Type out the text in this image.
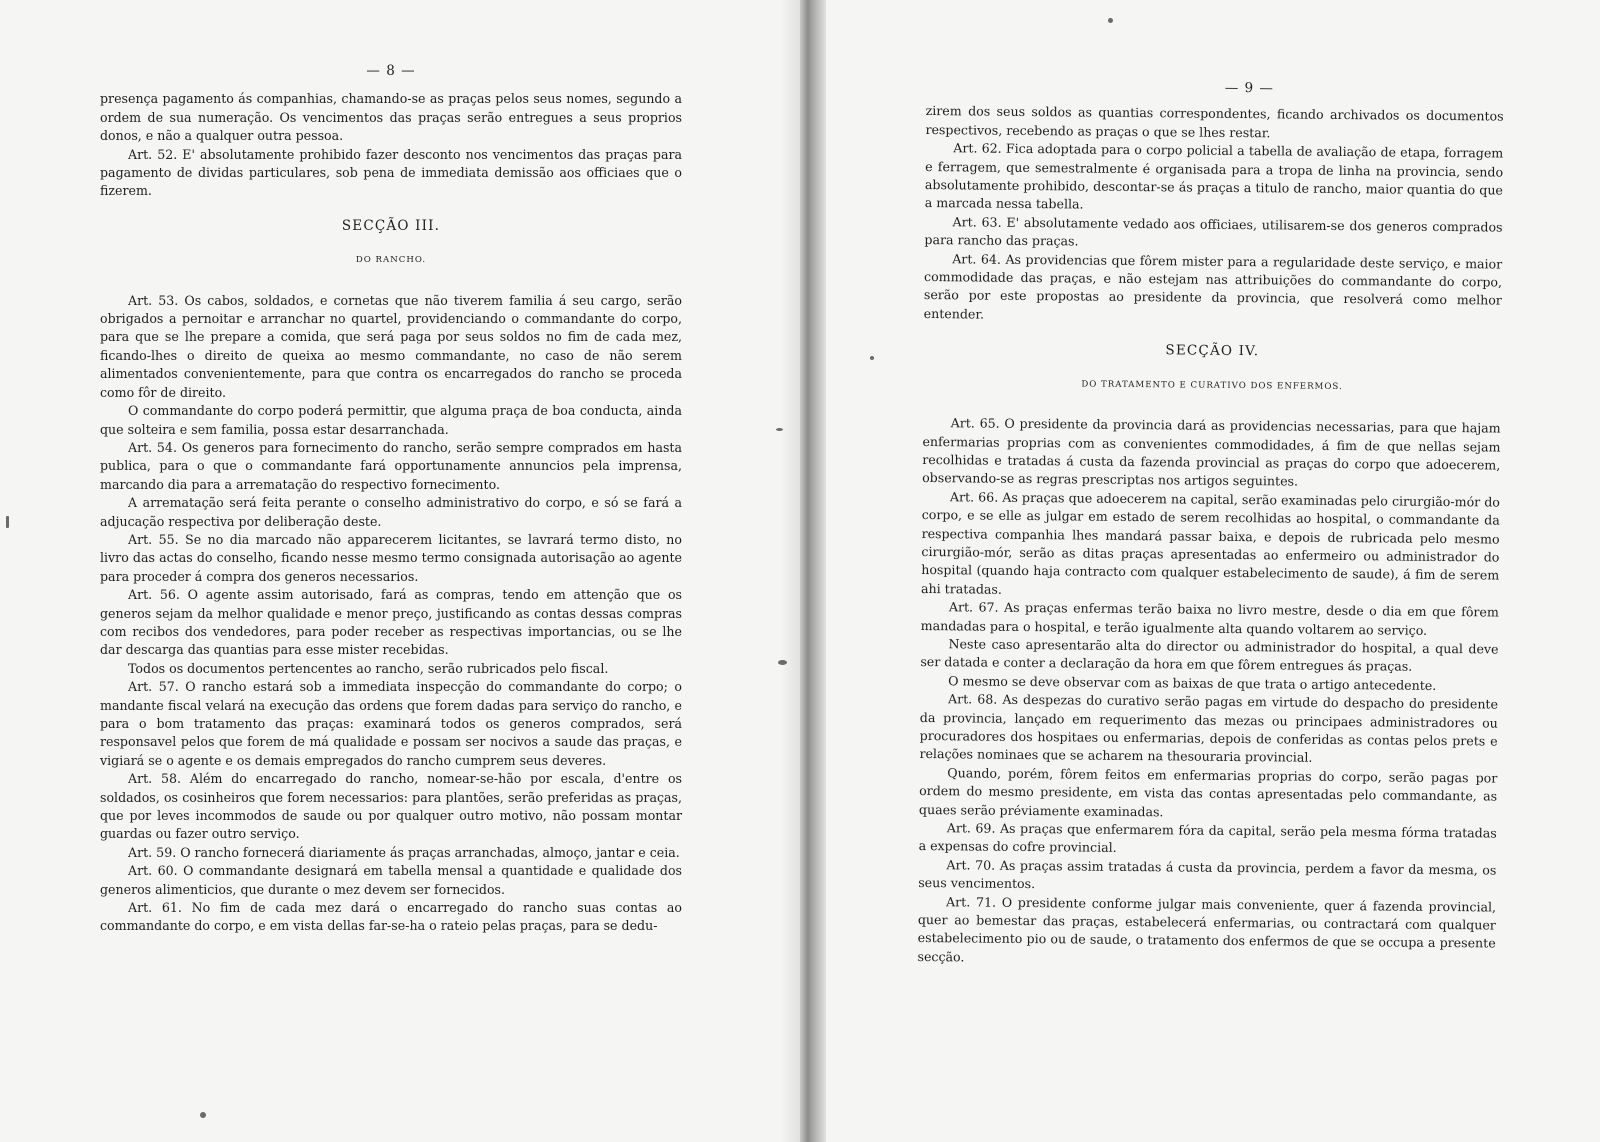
— 8 —

presença pagamento ás companhias, chamando-se as praças pelos seus nomes, segundo a ordem de sua numeração. Os vencimentos das praças serão entregues a seus proprios donos, e não a qualquer outra pessoa.

Art. 52. E' absolutamente prohibido fazer desconto nos vencimentos das praças para pagamento de dividas particulares, sob pena de immediata demissão aos officiaes que o fizerem.

SECÇÃO III.
DO RANCHO.

Art. 53. Os cabos, soldados, e cornetas que não tiverem familia á seu cargo, serão obrigados a pernoitar e arranchar no quartel, providenciando o commandante do corpo, para que se lhe prepare a comida, que será paga por seus soldos no fim de cada mez, ficando-lhes o direito de queixa ao mesmo commandante, no caso de não serem alimentados convenientemente, para que contra os encarregados do rancho se proceda como fôr de direito.

O commandante do corpo poderá permittir, que alguma praça de boa conducta, ainda que solteira e sem familia, possa estar desarranchada.

Art. 54. Os generos para fornecimento do rancho, serão sempre comprados em hasta publica, para o que o commandante fará opportunamente annuncios pela imprensa, marcando dia para a arrematação do respectivo fornecimento.

A arrematação será feita perante o conselho administrativo do corpo, e só se fará a adjucação respectiva por deliberação deste.

Art. 55. Se no dia marcado não apparecerem licitantes, se lavrará termo disto, no livro das actas do conselho, ficando nesse mesmo termo consignada autorisação ao agente para proceder á compra dos generos necessarios.

Art. 56. O agente assim autorisado, fará as compras, tendo em attenção que os generos sejam da melhor qualidade e menor preço, justificando as contas dessas compras com recibos dos vendedores, para poder receber as respectivas importancias, ou se lhe dar descarga das quantias para esse mister recebidas.

Todos os documentos pertencentes ao rancho, serão rubricados pelo fiscal.

Art. 57. O rancho estará sob a immediata inspecção do commandante do corpo; o mandante fiscal velará na execução das ordens que forem dadas para serviço do rancho, e para o bom tratamento das praças: examinará todos os generos comprados, será responsavel pelos que forem de má qualidade e possam ser nocivos a saude das praças, e vigiará se o agente e os demais empregados do rancho cumprem seus deveres.

Art. 58. Além do encarregado do rancho, nomear-se-hão por escala, d'entre os soldados, os cosinheiros que forem necessarios: para plantões, serão preferidas as praças, que por leves incommodos de saude ou por qualquer outro motivo, não possam montar guardas ou fazer outro serviço.

Art. 59. O rancho fornecerá diariamente ás praças arranchadas, almoço, jantar e ceia.

Art. 60. O commandante designará em tabella mensal a quantidade e qualidade dos generos alimenticios, que durante o mez devem ser fornecidos.

Art. 61. No fim de cada mez dará o encarregado do rancho suas contas ao commandante do corpo, e em vista dellas far-se-ha o rateio pelas praças, para se dedu-

— 9 —

zirem dos seus soldos as quantias correspondentes, ficando archivados os documentos respectivos, recebendo as praças o que se lhes restar.

Art. 62. Fica adoptada para o corpo policial a tabella de avaliação de etapa, forragem e ferragem, que semestralmente é organisada para a tropa de linha na provincia, sendo absolutamente prohibido, descontar-se ás praças a titulo de rancho, maior quantia do que a marcada nessa tabella.

Art. 63. E' absolutamente vedado aos officiaes, utilisarem-se dos generos comprados para rancho das praças.

Art. 64. As providencias que fôrem mister para a regularidade deste serviço, e maior commodidade das praças, e não estejam nas attribuições do commandante do corpo, serão por este propostas ao presidente da provincia, que resolverá como melhor entender.

SECÇÃO IV.
DO TRATAMENTO E CURATIVO DOS ENFERMOS.

Art. 65. O presidente da provincia dará as providencias necessarias, para que hajam enfermarias proprias com as convenientes commodidades, á fim de que nellas sejam recolhidas e tratadas á custa da fazenda provincial as praças do corpo que adoecerem, observando-se as regras prescriptas nos artigos seguintes.

Art. 66. As praças que adoecerem na capital, serão examinadas pelo cirurgião-mór do corpo, e se elle as julgar em estado de serem recolhidas ao hospital, o commandante da respectiva companhia lhes mandará passar baixa, e depois de rubricada pelo mesmo cirurgião-mór, serão as ditas praças apresentadas ao enfermeiro ou administrador do hospital (quando haja contracto com qualquer estabelecimento de saude), á fim de serem ahi tratadas.

Art. 67. As praças enfermas terão baixa no livro mestre, desde o dia em que fôrem mandadas para o hospital, e terão igualmente alta quando voltarem ao serviço.

Neste caso apresentarão alta do director ou administrador do hospital, a qual deve ser datada e conter a declaração da hora em que fôrem entregues ás praças.

O mesmo se deve observar com as baixas de que trata o artigo antecedente.

Art. 68. As despezas do curativo serão pagas em virtude do despacho do presidente da provincia, lançado em requerimento das mezas ou principaes administradores ou procuradores dos hospitaes ou enfermarias, depois de conferidas as contas pelos prets e relações nominaes que se acharem na thesouraria provincial.

Quando, porém, fôrem feitos em enfermarias proprias do corpo, serão pagas por ordem do mesmo presidente, em vista das contas apresentadas pelo commandante, as quaes serão préviamente examinadas.

Art. 69. As praças que enfermarem fóra da capital, serão pela mesma fórma tratadas a expensas do cofre provincial.

Art. 70. As praças assim tratadas á custa da provincia, perdem a favor da mesma, os seus vencimentos.

Art. 71. O presidente conforme julgar mais conveniente, quer á fazenda provincial, quer ao bemestar das praças, estabelecerá enfermarias, ou contractará com qualquer estabelecimento pio ou de saude, o tratamento dos enfermos de que se occupa a presente secção.
